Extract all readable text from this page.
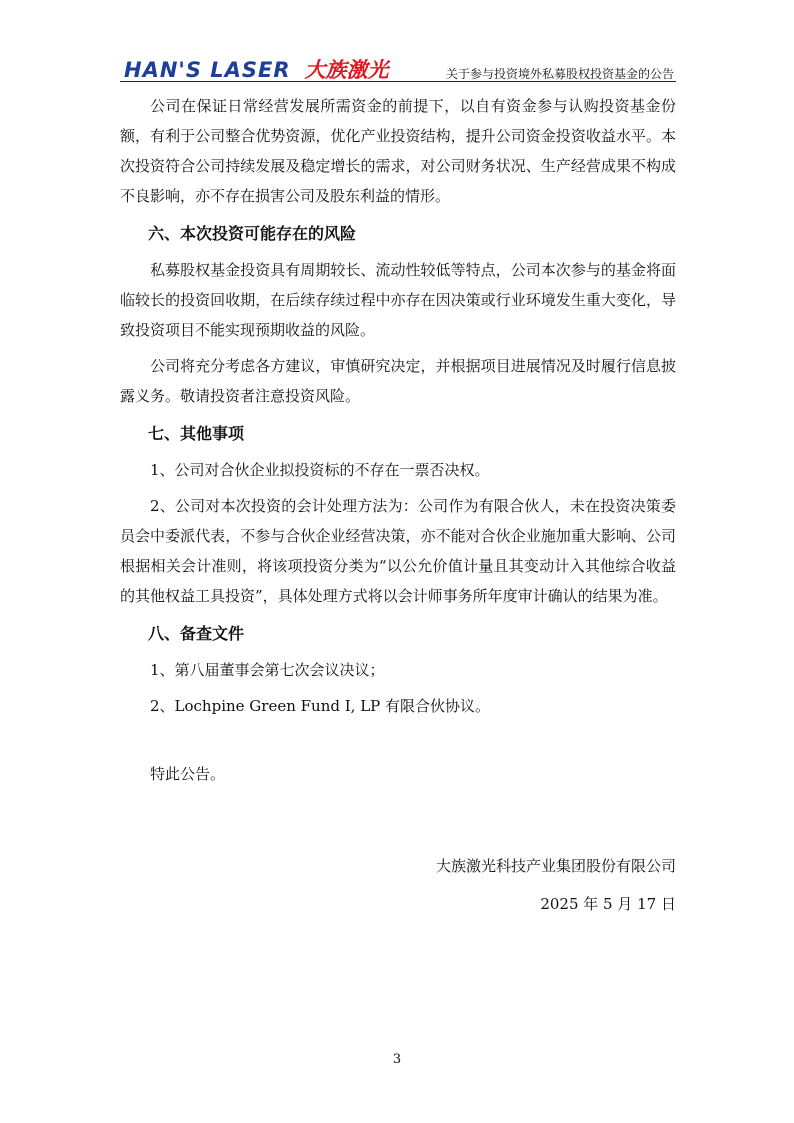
HAN'S LASER 大族激光	关于参与投资境外私募股权投资基金的公告

公司在保证日常经营发展所需资金的前提下，以自有资金参与认购投资基金份额，有利于公司整合优势资源，优化产业投资结构，提升公司资金投资收益水平。本次投资符合公司持续发展及稳定增长的需求，对公司财务状况、生产经营成果不构成不良影响，亦不存在损害公司及股东利益的情形。

六、本次投资可能存在的风险

私募股权基金投资具有周期较长、流动性较低等特点，公司本次参与的基金将面临较长的投资回收期，在后续存续过程中亦存在因决策或行业环境发生重大变化，导致投资项目不能实现预期收益的风险。

公司将充分考虑各方建议，审慎研究决定，并根据项目进展情况及时履行信息披露义务。敬请投资者注意投资风险。

七、其他事项

1、公司对合伙企业拟投资标的不存在一票否决权。

2、公司对本次投资的会计处理方法为：公司作为有限合伙人，未在投资决策委员会中委派代表，不参与合伙企业经营决策，亦不能对合伙企业施加重大影响、公司根据相关会计准则，将该项投资分类为“以公允价值计量且其变动计入其他综合收益的其他权益工具投资”，具体处理方式将以会计师事务所年度审计确认的结果为准。

八、备查文件

1、第八届董事会第七次会议决议；

2、Lochpine Green Fund I, LP 有限合伙协议。

特此公告。

大族激光科技产业集团股份有限公司

2025 年 5 月 17 日

3
